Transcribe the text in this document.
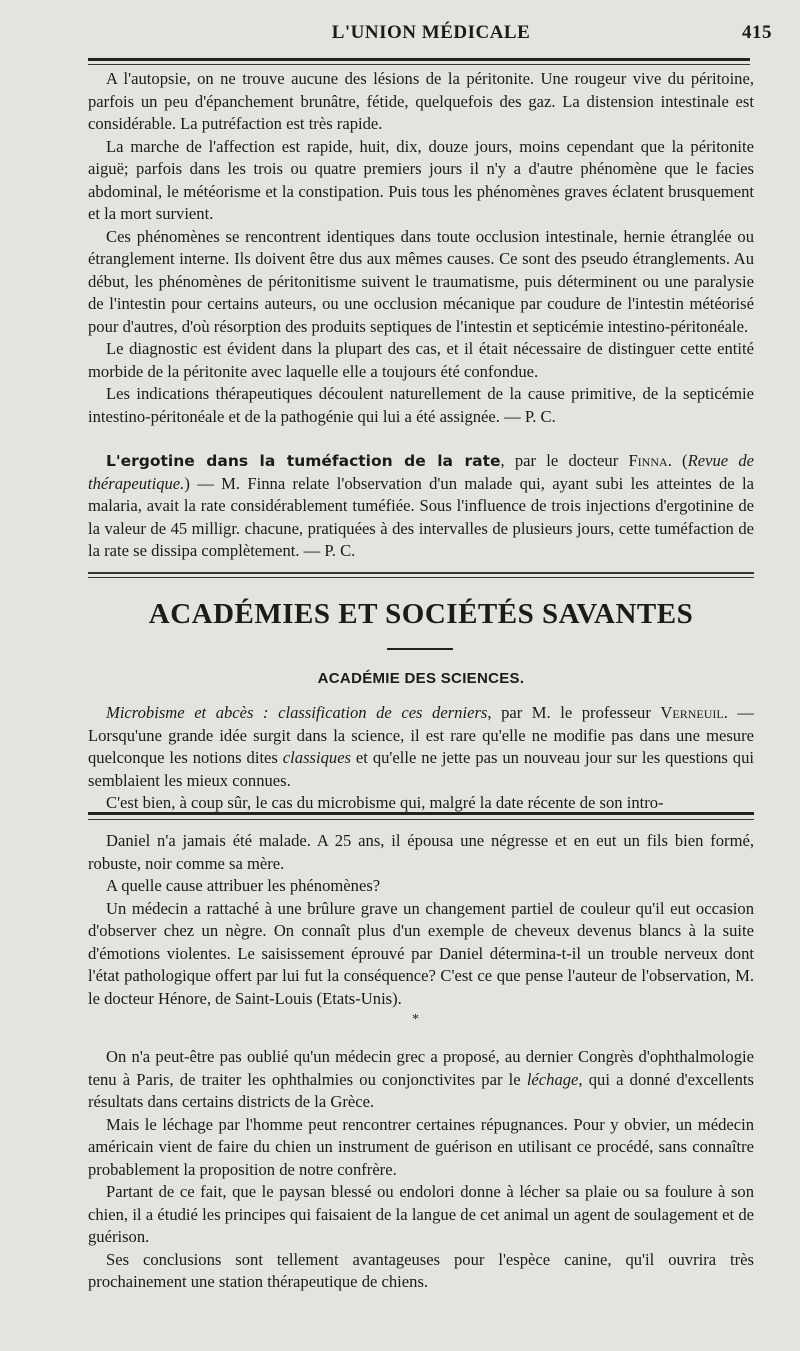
L'UNION MÉDICALE	415

A l'autopsie, on ne trouve aucune des lésions de la péritonite. Une rougeur vive du péritoine, parfois un peu d'épanchement brunâtre, fétide, quelquefois des gaz. La distension intestinale est considérable. La putréfaction est très rapide.

La marche de l'affection est rapide, huit, dix, douze jours, moins cependant que la péritonite aiguë; parfois dans les trois ou quatre premiers jours il n'y a d'autre phénomène que le facies abdominal, le météorisme et la constipation. Puis tous les phénomènes graves éclatent brusquement et la mort survient.

Ces phénomènes se rencontrent identiques dans toute occlusion intestinale, hernie étranglée ou étranglement interne. Ils doivent être dus aux mêmes causes. Ce sont des pseudo étranglements. Au début, les phénomènes de péritonitisme suivent le traumatisme, puis déterminent ou une paralysie de l'intestin pour certains auteurs, ou une occlusion mécanique par coudure de l'intestin météorisé pour d'autres, d'où résorption des produits septiques de l'intestin et septicémie intestino-péritonéale.

Le diagnostic est évident dans la plupart des cas, et il était nécessaire de distinguer cette entité morbide de la péritonite avec laquelle elle a toujours été confondue.

Les indications thérapeutiques découlent naturellement de la cause primitive, de la septicémie intestino-péritonéale et de la pathogénie qui lui a été assignée. — P. C.

L'ergotine dans la tuméfaction de la rate, par le docteur Finna. (Revue de thérapeutique.) — M. Finna relate l'observation d'un malade qui, ayant subi les atteintes de la malaria, avait la rate considérablement tuméfiée. Sous l'influence de trois injections d'ergotinine de la valeur de 45 milligr. chacune, pratiquées à des intervalles de plusieurs jours, cette tuméfaction de la rate se dissipa complètement. — P. C.

ACADÉMIES ET SOCIÉTÉS SAVANTES
ACADÉMIE DES SCIENCES.

Microbisme et abcès : classification de ces derniers, par M. le professeur Verneuil. — Lorsqu'une grande idée surgit dans la science, il est rare qu'elle ne modifie pas dans une mesure quelconque les notions dites classiques et qu'elle ne jette pas un nouveau jour sur les questions qui semblaient les mieux connues.

C'est bien, à coup sûr, le cas du microbisme qui, malgré la date récente de son intro-

Daniel n'a jamais été malade. A 25 ans, il épousa une négresse et en eut un fils bien formé, robuste, noir comme sa mère.

A quelle cause attribuer les phénomènes?

Un médecin a rattaché à une brûlure grave un changement partiel de couleur qu'il eut occasion d'observer chez un nègre. On connaît plus d'un exemple de cheveux devenus blancs à la suite d'émotions violentes. Le saisissement éprouvé par Daniel détermina-t-il un trouble nerveux dont l'état pathologique offert par lui fut la conséquence? C'est ce que pense l'auteur de l'observation, M. le docteur Hénore, de Saint-Louis (Etats-Unis).

*

On n'a peut-être pas oublié qu'un médecin grec a proposé, au dernier Congrès d'ophthalmologie tenu à Paris, de traiter les ophthalmies ou conjonctivites par le léchage, qui a donné d'excellents résultats dans certains districts de la Grèce.

Mais le léchage par l'homme peut rencontrer certaines répugnances. Pour y obvier, un médecin américain vient de faire du chien un instrument de guérison en utilisant ce procédé, sans connaître probablement la proposition de notre confrère.

Partant de ce fait, que le paysan blessé ou endolori donne à lécher sa plaie ou sa foulure à son chien, il a étudié les principes qui faisaient de la langue de cet animal un agent de soulagement et de guérison.

Ses conclusions sont tellement avantageuses pour l'espèce canine, qu'il ouvrira très prochainement une station thérapeutique de chiens.
